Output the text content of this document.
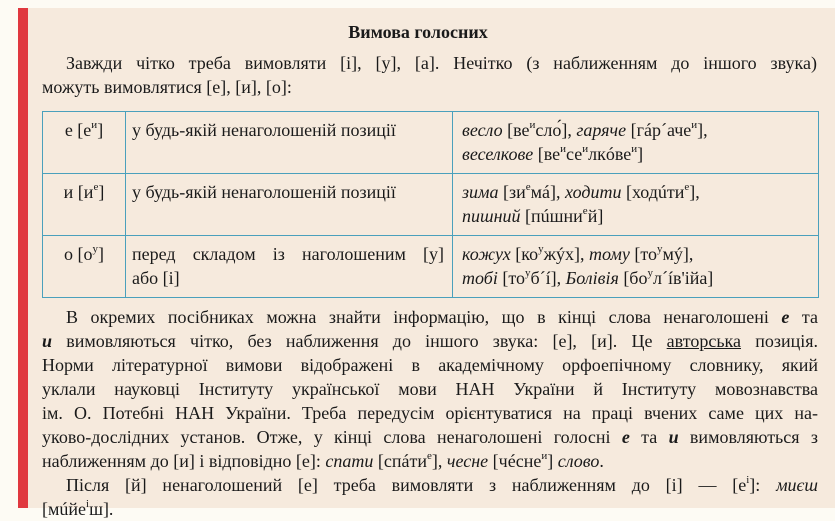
Вимова голосних
Завжди чітко треба вимовляти [і], [у], [а]. Нечітко (з наближенням до іншого звука)
можуть вимовлятися [е], [и], [о]:
е $[е^и]$	у будь-якій ненаголошеній позиції	весло $[ве^исло́]$, гаряче [гáр´аче$^и$],
веселкове $[ве^исе^илкóве^и]$

и $[и^е]$	у будь-якій ненаголошеній позиції	зима $[зи^емá]$, ходити [ходúти$^е$],
пишний [пúшни$^е$й]

о $[о^у]$	перед складом із наголошеним [у]
або [і]	кожух $[ко^ужýх]$, тому $[то^умý]$,
тобі $[то^уб´í]$, Болівія $[бо^ул´íв'ійа]$
В окремих посібниках можна знайти інформацію, що в кінці слова ненаголошені е та
и вимовляються чітко, без наближення до іншого звука: [е], [и]. Це авторська позиція.
Норми літературної вимови відображені в академічному орфоепічному словнику, який
уклали науковці Інституту української мови НАН України й Інституту мовознавства
ім. О. Потебні НАН України. Треба передусім орієнтуватися на праці вчених саме цих на-
уково-дослідних установ. Отже, у кінці слова ненаголошені голосні е та и вимовляються з
наближенням до [и] і відповідно [е]: спати [спáти$^е$], чесне [чéсне$^и$] слово.
Після [й] ненаголошений [е] треба вимовляти з наближенням до [і] — $[е^і]$: миєш
[мúйе$^і$ш].
